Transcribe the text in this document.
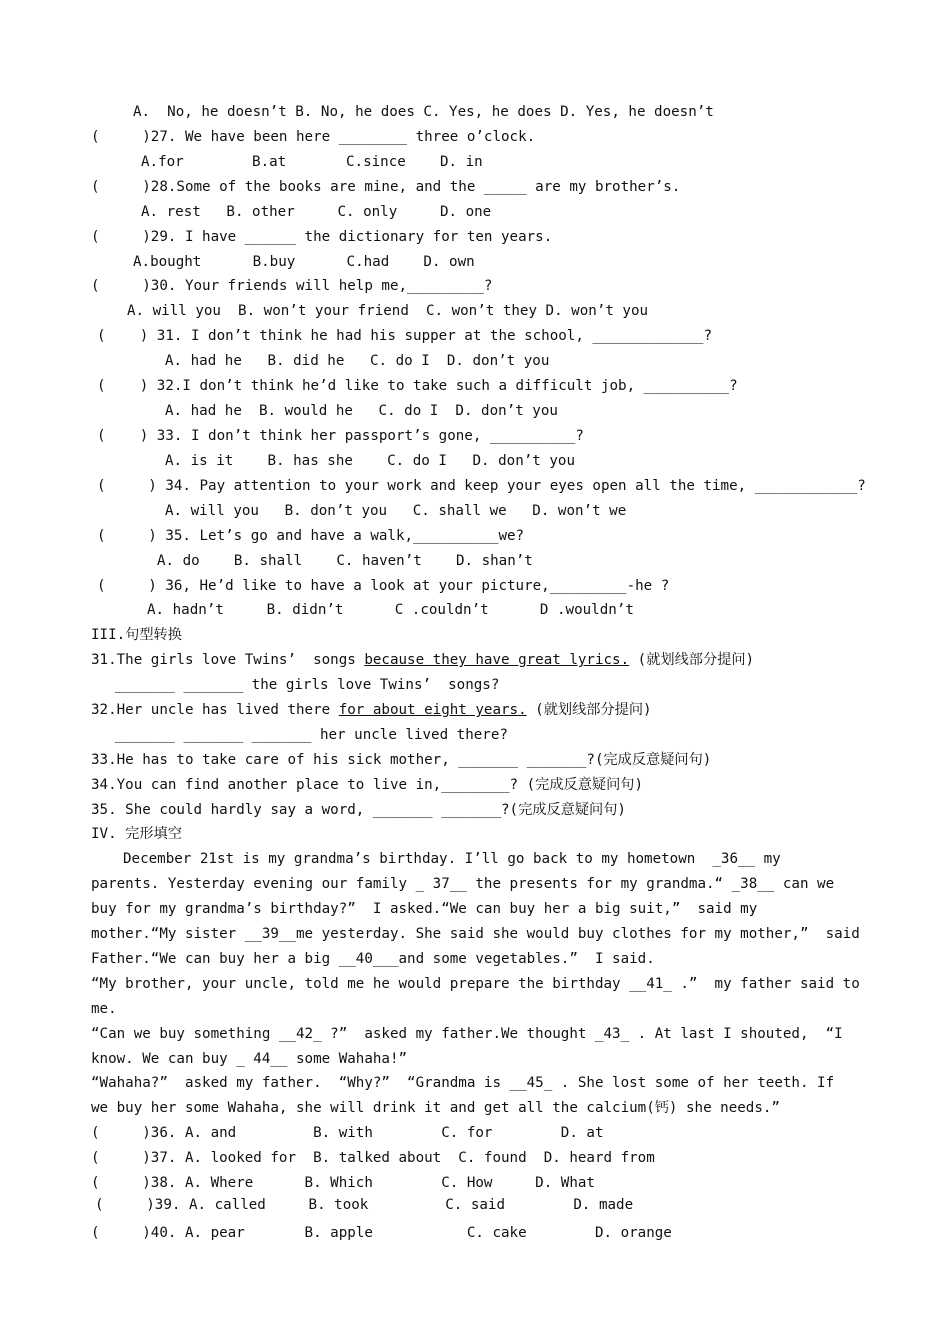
A.  No, he doesn’t B. No, he does C. Yes, he does D. Yes, he doesn’t
(     )27. We have been here ________ three o’clock.
A.for        B.at       C.since    D. in
(     )28.Some of the books are mine, and the _____ are my brother’s.
A. rest   B. other     C. only     D. one
(     )29. I have ______ the dictionary for ten years.
A.bought      B.buy      C.had    D. own
(     )30. Your friends will help me,_________?
A. will you  B. won’t your friend  C. won’t they D. won’t you
(    ) 31. I don’t think he had his supper at the school, _____________?
A. had he   B. did he   C. do I  D. don’t you
(    ) 32.I don’t think he’d like to take such a difficult job, __________?
A. had he  B. would he   C. do I  D. don’t you
(    ) 33. I don’t think her passport’s gone, __________?
A. is it    B. has she    C. do I   D. don’t you
(     ) 34. Pay attention to your work and keep your eyes open all the time, ____________?
A. will you   B. don’t you   C. shall we   D. won’t we
(     ) 35. Let’s go and have a walk,__________we?
A. do    B. shall    C. haven’t    D. shan’t
(     ) 36, He’d like to have a look at your picture,_________-he ?
A. hadn’t     B. didn’t      C .couldn’t      D .wouldn’t
III.句型转换
31.The girls love Twins’  songs because they have great lyrics. (就划线部分提问)
_______ _______ the girls love Twins’  songs?
32.Her uncle has lived there for about eight years. (就划线部分提问)
_______ _______ _______ her uncle lived there?
33.He has to take care of his sick mother, _______ _______?(完成反意疑问句)
34.You can find another place to live in,________? (完成反意疑问句)
35. She could hardly say a word, _______ _______?(完成反意疑问句)
IV. 完形填空
December 21st is my grandma’s birthday. I’ll go back to my hometown  _36__ my
parents. Yesterday evening our family _ 37__ the presents for my grandma.“ _38__ can we
buy for my grandma’s birthday?”  I asked.“We can buy her a big suit,”  said my
mother.“My sister __39__me yesterday. She said she would buy clothes for my mother,”  said
Father.“We can buy her a big __40___and some vegetables.”  I said.
“My brother, your uncle, told me he would prepare the birthday __41_ .”  my father said to
me.
“Can we buy something __42_ ?”  asked my father.We thought _43_ . At last I shouted,  “I
know. We can buy _ 44__ some Wahaha!”
“Wahaha?”  asked my father.  “Why?”  “Grandma is __45_ . She lost some of her teeth. If
we buy her some Wahaha, she will drink it and get all the calcium(钙) she needs.”
(     )36. A. and         B. with        C. for        D. at
(     )37. A. looked for  B. talked about  C. found  D. heard from
(     )38. A. Where      B. Which        C. How     D. What
(     )39. A. called     B. took         C. said        D. made
(     )40. A. pear       B. apple           C. cake        D. orange
